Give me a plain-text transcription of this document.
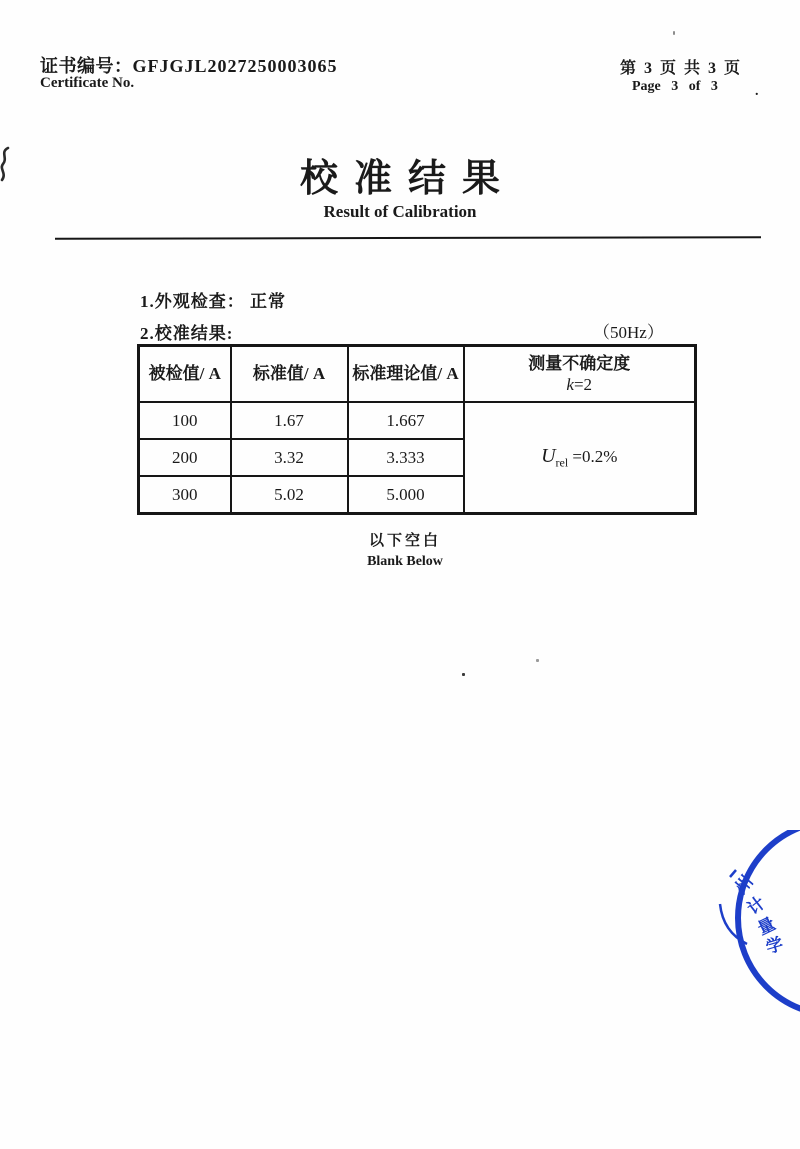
证书编号：GFJGJL2027250003065
Certificate No.
第 3 页 共 3 页
Page 3 of 3	.
校准结果
Result of Calibration
1.外观检查： 正常
2.校准结果:	（50Hz）
被检值/ A	标准值/ A	标准理论值/ A	测量不确定度
k=2
100	1.67	1.667	$U_{rel} =0.2\%$
200	3.32	3.333	
300	5.02	5.000	
以下空白
Blank Below
州
计
量
学
